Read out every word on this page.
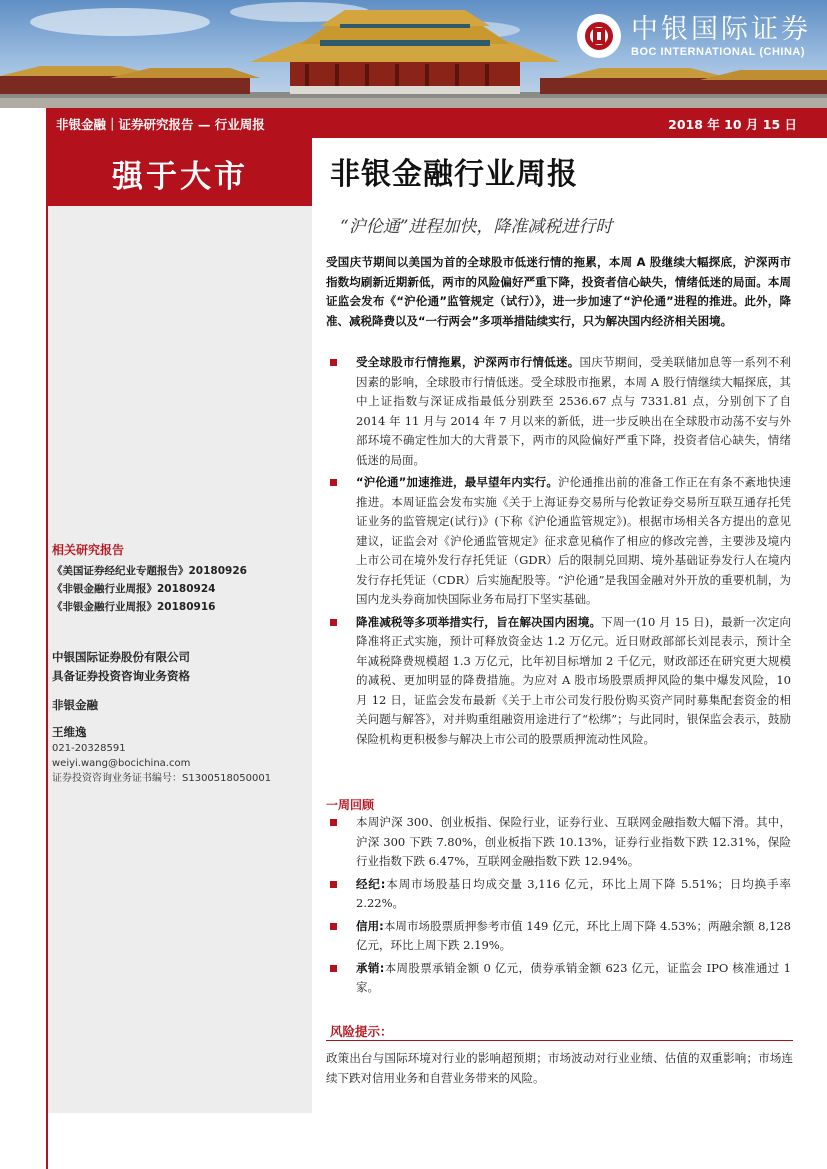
中银国际证券
BOC INTERNATIONAL (CHINA)
非银金融｜证券研究报告 — 行业周报	2018 年 10 月 15 日
强于大市
相关研究报告
《美国证券经纪业专题报告》20180926
《非银金融行业周报》20180924
《非银金融行业周报》20180916
中银国际证券股份有限公司
具备证券投资咨询业务资格
非银金融
王维逸
021-20328591
weiyi.wang@bocichina.com
证券投资咨询业务证书编号：S1300518050001
非银金融行业周报
“沪伦通”进程加快，降准减税进行时
受国庆节期间以美国为首的全球股市低迷行情的拖累，本周 A 股继续大幅探底，沪深两市指数均刷新近期新低，两市的风险偏好严重下降，投资者信心缺失，情绪低迷的局面。本周证监会发布《“沪伦通”监管规定（试行）》，进一步加速了“沪伦通”进程的推进。此外，降准、减税降费以及“一行两会”多项举措陆续实行，只为解决国内经济相关困境。
受全球股市行情拖累，沪深两市行情低迷。国庆节期间，受美联储加息等一系列不利因素的影响，全球股市行情低迷。受全球股市拖累，本周 A 股行情继续大幅探底，其中上证指数与深证成指最低分别跌至 2536.67 点与 7331.81 点，分别创下了自 2014 年 11 月与 2014 年 7 月以来的新低，进一步反映出在全球股市动荡不安与外部环境不确定性加大的大背景下，两市的风险偏好严重下降，投资者信心缺失，情绪低迷的局面。
“沪伦通”加速推进，最早望年内实行。沪伦通推出前的准备工作正在有条不紊地快速推进。本周证监会发布实施《关于上海证券交易所与伦敦证券交易所互联互通存托凭证业务的监管规定(试行)》(下称《沪伦通监管规定》)。根据市场相关各方提出的意见建议，证监会对《沪伦通监管规定》征求意见稿作了相应的修改完善，主要涉及境内上市公司在境外发行存托凭证（GDR）后的限制兑回期、境外基础证券发行人在境内发行存托凭证（CDR）后实施配股等。“沪伦通”是我国金融对外开放的重要机制，为国内龙头券商加快国际业务布局打下坚实基础。
降准减税等多项举措实行，旨在解决国内困境。下周一(10 月 15 日)，最新一次定向降准将正式实施，预计可释放资金达 1.2 万亿元。近日财政部部长刘昆表示，预计全年减税降费规模超 1.3 万亿元，比年初目标增加 2 千亿元，财政部还在研究更大规模的减税、更加明显的降费措施。为应对 A 股市场股票质押风险的集中爆发风险，10 月 12 日，证监会发布最新《关于上市公司发行股份购买资产同时募集配套资金的相关问题与解答》，对并购重组融资用途进行了“松绑”；与此同时，银保监会表示，鼓励保险机构更积极参与解决上市公司的股票质押流动性风险。
一周回顾
本周沪深 300、创业板指、保险行业，证券行业、互联网金融指数大幅下滑。其中，沪深 300 下跌 7.80%，创业板指下跌 10.13%，证券行业指数下跌 12.31%，保险行业指数下跌 6.47%，互联网金融指数下跌 12.94%。
经纪:本周市场股基日均成交量 3,116 亿元，环比上周下降 5.51%；日均换手率 2.22%。
信用:本周市场股票质押参考市值 149 亿元，环比上周下降 4.53%；两融余额 8,128 亿元，环比上周下跌 2.19%。
承销:本周股票承销金额 0 亿元，债券承销金额 623 亿元，证监会 IPO 核准通过 1 家。
风险提示：
政策出台与国际环境对行业的影响超预期；市场波动对行业业绩、估值的双重影响；市场连续下跌对信用业务和自营业务带来的风险。
